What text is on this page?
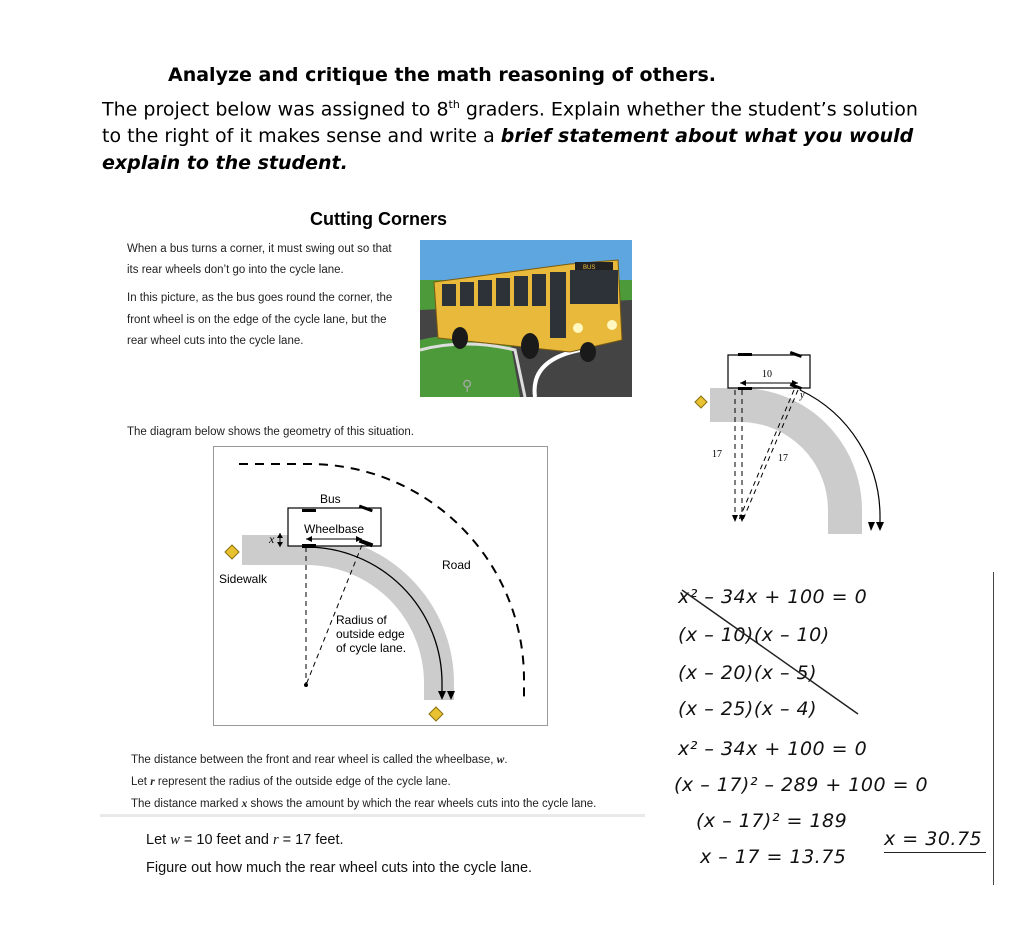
Analyze and critique the math reasoning of others.
The project below was assigned to 8th graders. Explain whether the student’s solution to the right of it makes sense and write a brief statement about what you would explain to the student.
Cutting Corners
When a bus turns a corner, it must swing out so that
its rear wheels don’t go into the cycle lane.
In this picture, as the bus goes round the corner, the
front wheel is on the edge of the cycle lane, but the
rear wheel cuts into the cycle lane.
⚲
BUS
The diagram below shows the geometry of this situation.
Bus
Wheelbase
x
Road
Sidewalk
Radius of
outside edge
of cycle lane.
The distance between the front and rear wheel is called the wheelbase, w.
Let r represent the radius of the outside edge of the cycle lane.
The distance marked x shows the amount by which the rear wheels cuts into the cycle lane.
Let w = 10 feet and r = 17 feet.
Figure out how much the rear wheel cuts into the cycle lane.
10
17	17
y
x² – 34x + 100 = 0
(x – 10)(x – 10)
(x – 20)(x – 5)
(x – 25)(x – 4)
x² – 34x + 100 = 0
(x – 17)² – 289 + 100 = 0
(x – 17)² = 189
x – 17 = 13.75
x = 30.75
